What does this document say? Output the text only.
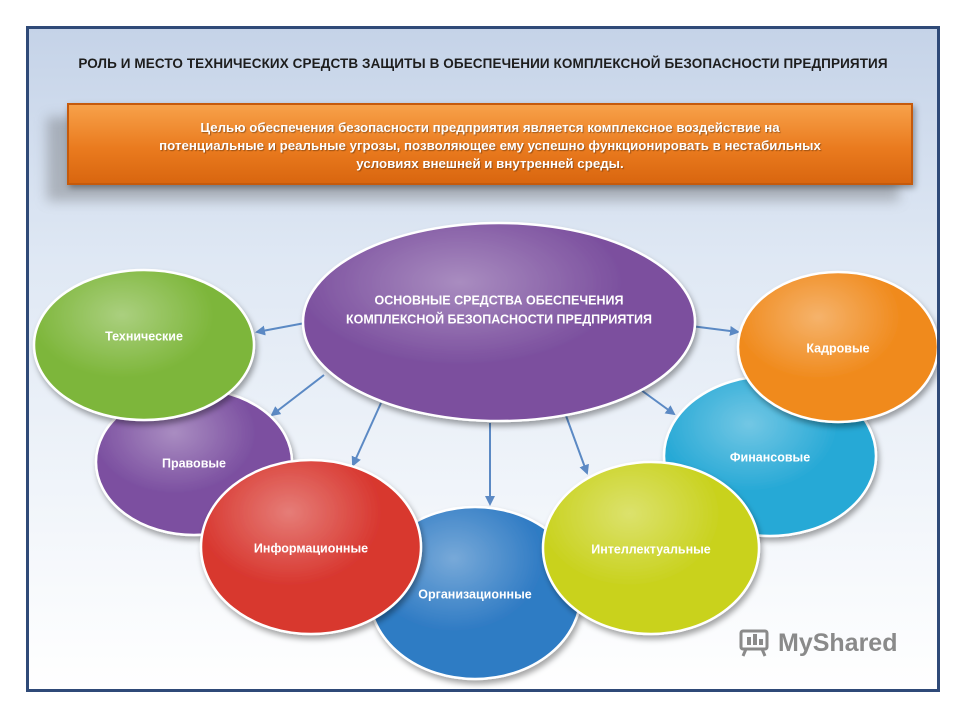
РОЛЬ И МЕСТО ТЕХНИЧЕСКИХ СРЕДСТВ ЗАЩИТЫ В ОБЕСПЕЧЕНИИ КОМПЛЕКСНОЙ БЕЗОПАСНОСТИ ПРЕДПРИЯТИЯ
Целью обеспечения безопасности предприятия является комплексное воздействие на
потенциальные и реальные угрозы, позволяющее ему успешно функционировать в нестабильных
условиях внешней и внутренней среды.
Правовые
Технические
Организационные
Информационные
Финансовые
Кадровые
Интеллектуальные
ОСНОВНЫЕ СРЕДСТВА ОБЕСПЕЧЕНИЯ
КОМПЛЕКСНОЙ БЕЗОПАСНОСТИ ПРЕДПРИЯТИЯ
MyShared
